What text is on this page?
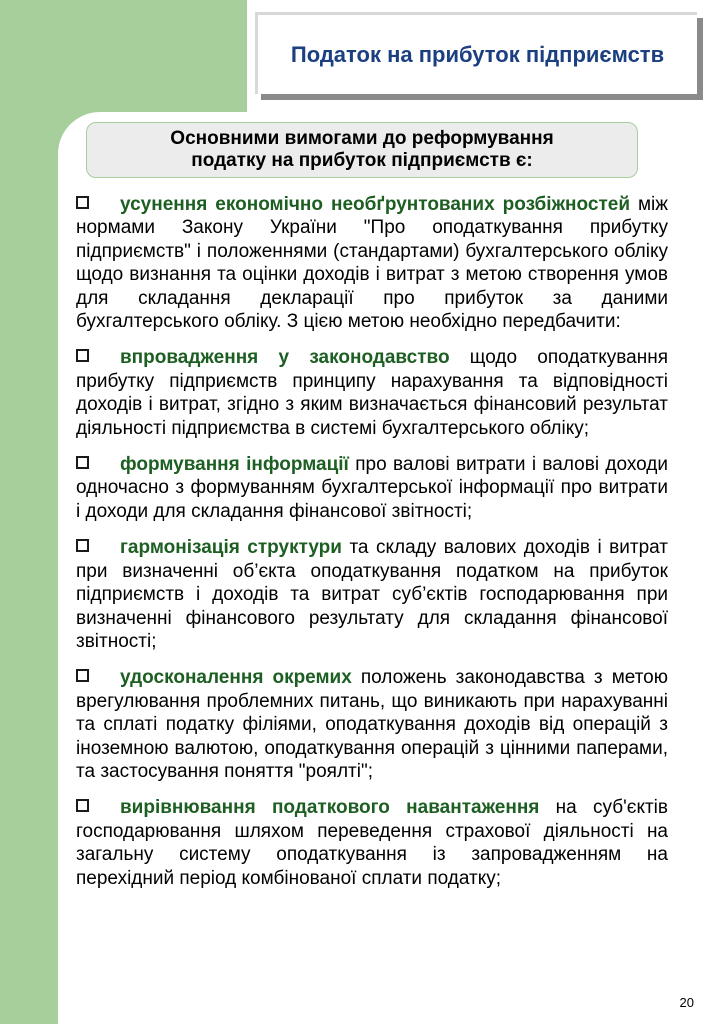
Податок на прибуток підприємств
Основними вимогами до реформування
податку на прибуток підприємств є:
усунення економічно необґрунтованих розбіжностей між нормами Закону України "Про оподаткування прибутку підприємств" і положеннями (стандартами) бухгалтерського обліку щодо визнання та оцінки доходів і витрат з метою створення умов для складання декларації про прибуток за даними бухгалтерського обліку. З цією метою необхідно передбачити:
впровадження у законодавство щодо оподаткування прибутку підприємств принципу нарахування та відповідності доходів і витрат, згідно з яким визначається фінансовий результат діяльності підприємства в системі бухгалтерського обліку;
формування інформації про валові витрати і валові доходи одночасно з формуванням бухгалтерської інформації про витрати і доходи для складання фінансової звітності;
гармонізація структури та складу валових доходів і витрат при визначенні об’єкта оподаткування податком на прибуток підприємств і доходів та витрат суб’єктів господарювання при визначенні фінансового результату для складання фінансової звітності;
удосконалення окремих положень законодавства з метою врегулювання проблемних питань, що виникають при нарахуванні та сплаті податку філіями, оподаткування доходів від операцій з іноземною валютою, оподаткування операцій з цінними паперами, та застосування поняття "роялті";
вирівнювання податкового навантаження на суб'єктів господарювання шляхом переведення страхової діяльності на загальну систему оподаткування із запровадженням на перехідний період комбінованої сплати податку;
20
